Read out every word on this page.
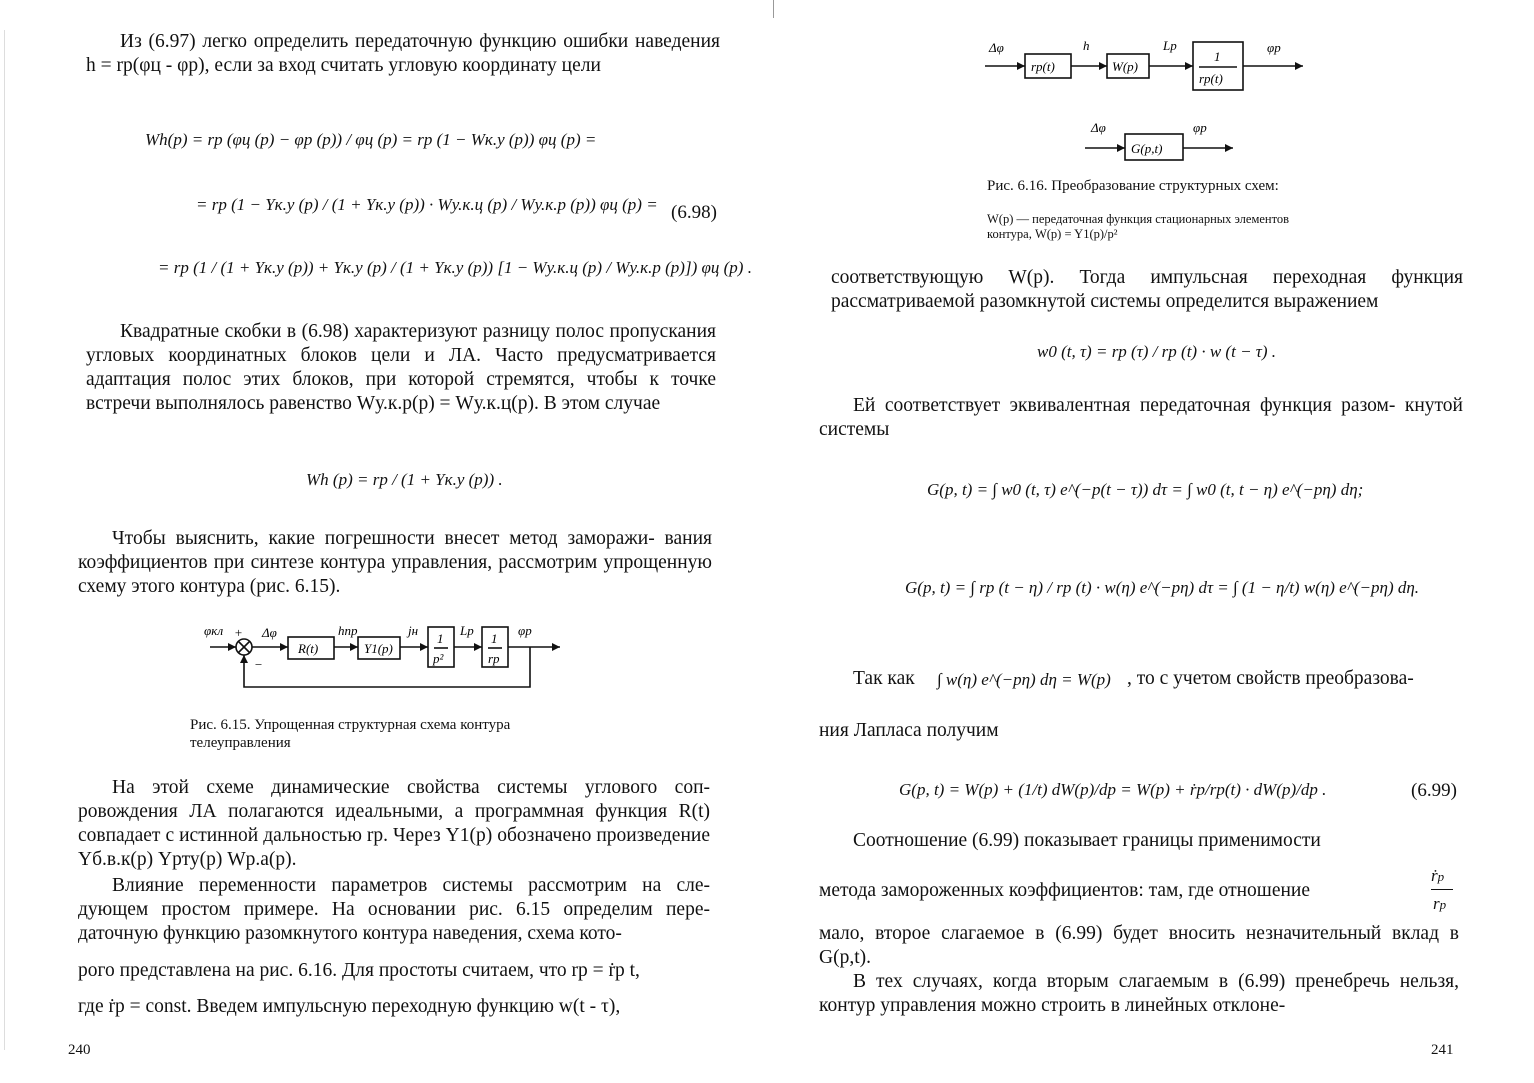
Из (6.97) легко определить передаточную функцию ошибки наведения h = rр(φц - φр), если за вход считать угловую координату цели
Wh(p) = rр (φц (p) − φр (p)) / φц (p) = rр (1 − Wк.у (p)) φц (p) =
= rр (1 − Yк.у (p) / (1 + Yк.у (p)) · Wу.к.ц (p) / Wу.к.р (p)) φц (p) =
= rр (1 / (1 + Yк.у (p)) + Yк.у (p) / (1 + Yк.у (p)) [1 − Wу.к.ц (p) / Wу.к.р (p)]) φц (p) .
(6.98)
Квадратные скобки в (6.98) характеризуют разницу полос пропускания угловых координатных блоков цели и ЛА. Часто предусматривается адаптация полос этих блоков, при которой стремятся, чтобы к точке встречи выполнялось равенство Wу.к.р(p) = Wу.к.ц(p). В этом случае
Wh (p) = rр / (1 + Yк.у (p)) .
Чтобы выяснить, какие погрешности внесет метод заморажи- вания коэффициентов при синтезе контура управления, рассмотрим упрощенную схему этого контура (рис. 6.15).
φкл +
−
Δφ	hпр	jн	Lр	φр
R(t)	Y1(p)
1
p²
1
rр
Рис. 6.15. Упрощенная структурная схема контура телеуправления
На этой схеме динамические свойства системы углового соп- ровождения ЛА полагаются идеальными, а программная функция R(t) совпадает с истинной дальностью rр. Через Y1(p) обозначено произведение Yб.в.к(p) Yрту(p) Wр.а(p).
Влияние переменности параметров системы рассмотрим на сле- дующем простом примере. На основании рис. 6.15 определим пере- даточную функцию разомкнутого контура наведения, схема кото-
рого представлена на рис. 6.16. Для простоты считаем, что rр = ṙр t,
где ṙр = const. Введем импульсную переходную функцию w(t - τ),
240
Δφ	h	Lр	φр
rр(t)	W(p)
1
rр(t)
Δφ	φр
G(p,t)
Рис. 6.16. Преобразование структурных схем:
W(p) — передаточная функция стационарных элементов контура, W(p) = Y1(p)/p²
соответствующую W(p). Тогда импульсная переходная функция рассматриваемой разомкнутой системы определится выражением
w0 (t, τ) = rр (τ) / rр (t) · w (t − τ) .
Ей соответствует эквивалентная передаточная функция разом- кнутой системы
G(p, t) = ∫ w0 (t, τ) e^(−p(t − τ)) dτ = ∫ w0 (t, t − η) e^(−pη) dη;
G(p, t) = ∫ rр (t − η) / rр (t) · w(η) e^(−pη) dτ = ∫ (1 − η/t) w(η) e^(−pη) dη.
Так как ∫ w(η) e^(−pη) dη = W(p) , то с учетом свойств преобразова-
ния Лапласа получим
G(p, t) = W(p) + (1/t) dW(p)/dp = W(p) + ṙр/rр(t) · dW(p)/dp .	(6.99)
Соотношение (6.99) показывает границы применимости
метода замороженных коэффициентов: там, где отношение
ṙр
rр
мало, второе слагаемое в (6.99) будет вносить незначительный вклад в G(p,t).
В тех случаях, когда вторым слагаемым в (6.99) пренебречь нельзя, контур управления можно строить в линейных отклоне-
241
